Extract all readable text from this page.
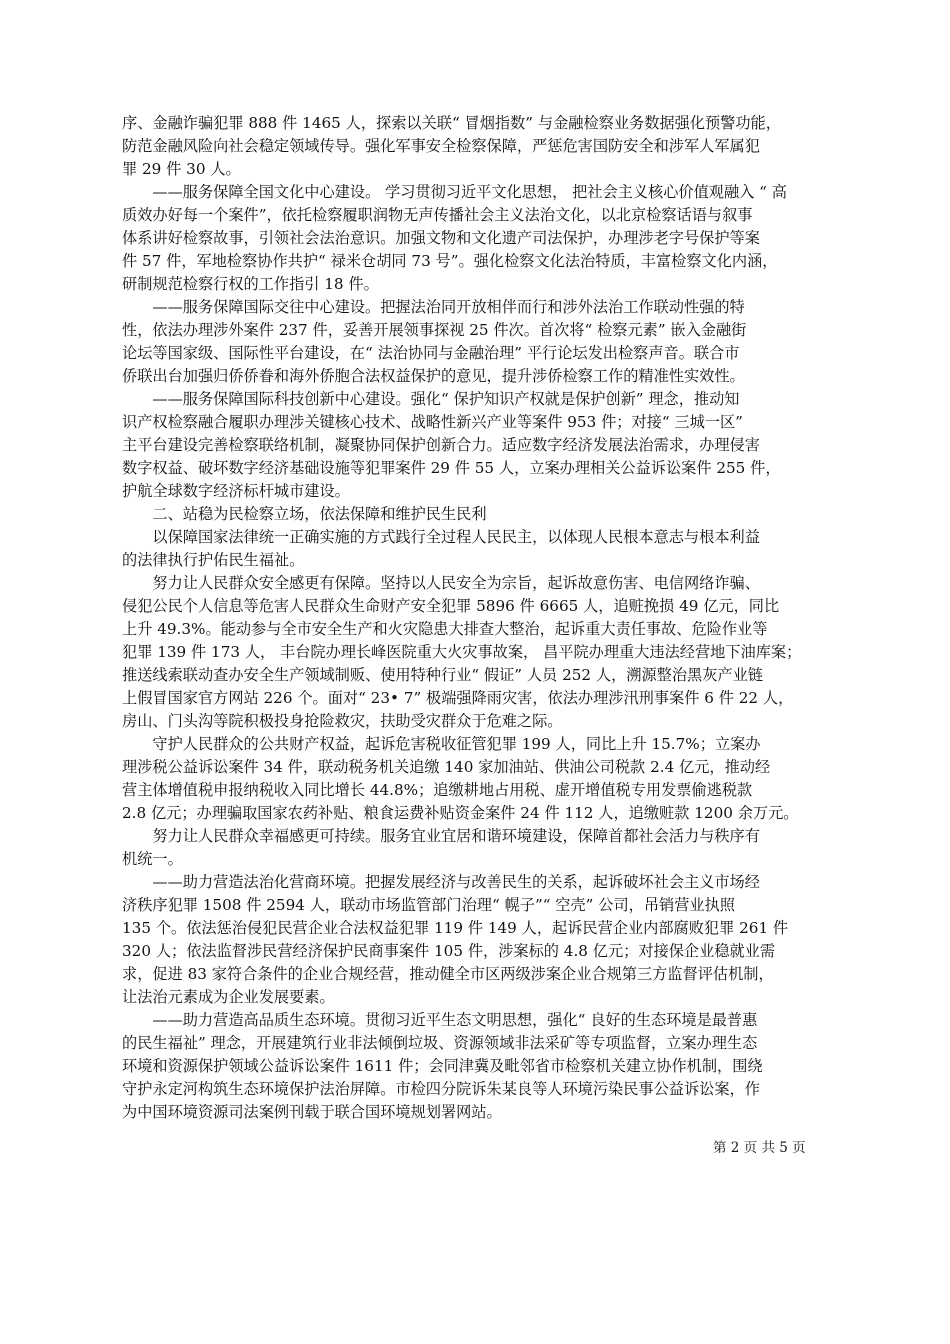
序、金融诈骗犯罪 888 件 1465 人，探索以关联“ 冒烟指数” 与金融检察业务数据强化预警功能，
防范金融风险向社会稳定领域传导。强化军事安全检察保障，严惩危害国防安全和涉军人军属犯
罪 29 件 30 人。
　　——服务保障全国文化中心建设。 学习贯彻习近平文化思想， 把社会主义核心价值观融入 “ 高
质效办好每一个案件”，依托检察履职润物无声传播社会主义法治文化，以北京检察话语与叙事
体系讲好检察故事，引领社会法治意识。加强文物和文化遗产司法保护，办理涉老字号保护等案
件 57 件，军地检察协作共护“ 禄米仓胡同 73 号”。强化检察文化法治特质，丰富检察文化内涵，
研制规范检察行权的工作指引 18 件。
　　——服务保障国际交往中心建设。把握法治同开放相伴而行和涉外法治工作联动性强的特
性，依法办理涉外案件 237 件，妥善开展领事探视 25 件次。首次将“ 检察元素” 嵌入金融街
论坛等国家级、国际性平台建设，在“ 法治协同与金融治理” 平行论坛发出检察声音。联合市
侨联出台加强归侨侨眷和海外侨胞合法权益保护的意见，提升涉侨检察工作的精准性实效性。
　　——服务保障国际科技创新中心建设。强化“ 保护知识产权就是保护创新” 理念，推动知
识产权检察融合履职办理涉关键核心技术、战略性新兴产业等案件 953 件；对接“ 三城一区”
主平台建设完善检察联络机制，凝聚协同保护创新合力。适应数字经济发展法治需求，办理侵害
数字权益、破坏数字经济基础设施等犯罪案件 29 件 55 人，立案办理相关公益诉讼案件 255 件，
护航全球数字经济标杆城市建设。
　　二、站稳为民检察立场，依法保障和维护民生民利
　　以保障国家法律统一正确实施的方式践行全过程人民民主，以体现人民根本意志与根本利益
的法律执行护佑民生福祉。
　　努力让人民群众安全感更有保障。坚持以人民安全为宗旨，起诉故意伤害、电信网络诈骗、
侵犯公民个人信息等危害人民群众生命财产安全犯罪 5896 件 6665 人，追赃挽损 49 亿元，同比
上升 49.3%。能动参与全市安全生产和火灾隐患大排查大整治，起诉重大责任事故、危险作业等
犯罪 139 件 173 人， 丰台院办理长峰医院重大火灾事故案， 昌平院办理重大违法经营地下油库案；
推送线索联动查办安全生产领域制贩、使用特种行业“ 假证” 人员 252 人，溯源整治黑灰产业链
上假冒国家官方网站 226 个。面对“ 23• 7” 极端强降雨灾害，依法办理涉汛刑事案件 6 件 22 人，
房山、门头沟等院积极投身抢险救灾，扶助受灾群众于危难之际。
　　守护人民群众的公共财产权益，起诉危害税收征管犯罪 199 人，同比上升 15.7%；立案办
理涉税公益诉讼案件 34 件，联动税务机关追缴 140 家加油站、供油公司税款 2.4 亿元，推动经
营主体增值税申报纳税收入同比增长 44.8%；追缴耕地占用税、虚开增值税专用发票偷逃税款
2.8 亿元；办理骗取国家农药补贴、粮食运费补贴资金案件 24 件 112 人，追缴赃款 1200 余万元。
　　努力让人民群众幸福感更可持续。服务宜业宜居和谐环境建设，保障首都社会活力与秩序有
机统一。
　　——助力营造法治化营商环境。把握发展经济与改善民生的关系，起诉破坏社会主义市场经
济秩序犯罪 1508 件 2594 人，联动市场监管部门治理“ 幌子”“ 空壳” 公司，吊销营业执照
135 个。依法惩治侵犯民营企业合法权益犯罪 119 件 149 人，起诉民营企业内部腐败犯罪 261 件
320 人；依法监督涉民营经济保护民商事案件 105 件，涉案标的 4.8 亿元；对接保企业稳就业需
求，促进 83 家符合条件的企业合规经营，推动健全市区两级涉案企业合规第三方监督评估机制，
让法治元素成为企业发展要素。
　　——助力营造高品质生态环境。贯彻习近平生态文明思想，强化“ 良好的生态环境是最普惠
的民生福祉” 理念，开展建筑行业非法倾倒垃圾、资源领域非法采矿等专项监督，立案办理生态
环境和资源保护领域公益诉讼案件 1611 件；会同津冀及毗邻省市检察机关建立协作机制，围绕
守护永定河构筑生态环境保护法治屏障。市检四分院诉朱某良等人环境污染民事公益诉讼案，作
为中国环境资源司法案例刊载于联合国环境规划署网站。
第 2 页 共 5 页
